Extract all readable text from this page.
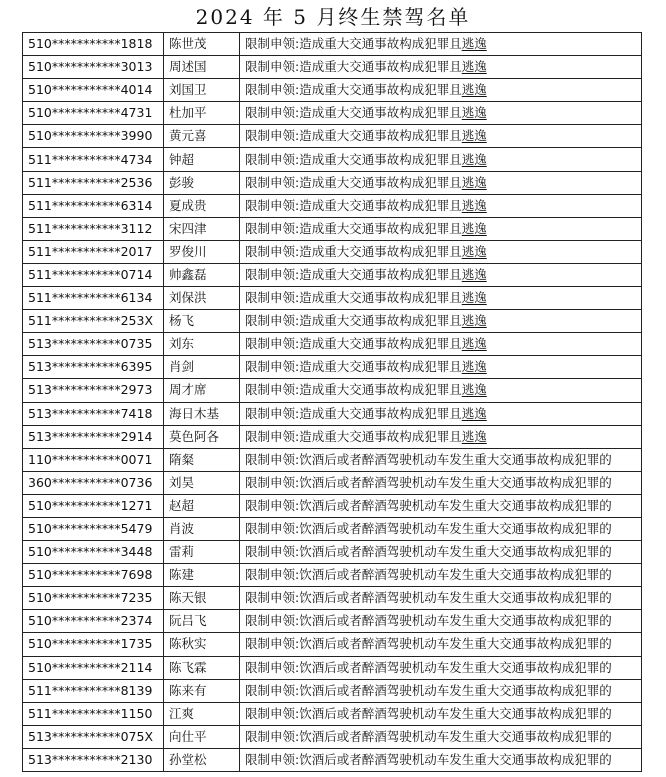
2024 年 5 月终生禁驾名单
510***********1818	陈世茂	限制申领:造成重大交通事故构成犯罪且逃逸
510***********3013	周述国	限制申领:造成重大交通事故构成犯罪且逃逸
510***********4014	刘国卫	限制申领:造成重大交通事故构成犯罪且逃逸
510***********4731	杜加平	限制申领:造成重大交通事故构成犯罪且逃逸
510***********3990	黄元喜	限制申领:造成重大交通事故构成犯罪且逃逸
511***********4734	钟超	限制申领:造成重大交通事故构成犯罪且逃逸
511***********2536	彭骏	限制申领:造成重大交通事故构成犯罪且逃逸
511***********6314	夏成贵	限制申领:造成重大交通事故构成犯罪且逃逸
511***********3112	宋四津	限制申领:造成重大交通事故构成犯罪且逃逸
511***********2017	罗俊川	限制申领:造成重大交通事故构成犯罪且逃逸
511***********0714	帅鑫磊	限制申领:造成重大交通事故构成犯罪且逃逸
511***********6134	刘保洪	限制申领:造成重大交通事故构成犯罪且逃逸
511***********253X	杨飞	限制申领:造成重大交通事故构成犯罪且逃逸
513***********0735	刘东	限制申领:造成重大交通事故构成犯罪且逃逸
513***********6395	肖剑	限制申领:造成重大交通事故构成犯罪且逃逸
513***********2973	周才席	限制申领:造成重大交通事故构成犯罪且逃逸
513***********7418	海日木基	限制申领:造成重大交通事故构成犯罪且逃逸
513***********2914	莫色阿各	限制申领:造成重大交通事故构成犯罪且逃逸
110***********0071	隋粲	限制申领:饮酒后或者醉酒驾驶机动车发生重大交通事故构成犯罪的
360***********0736	刘昊	限制申领:饮酒后或者醉酒驾驶机动车发生重大交通事故构成犯罪的
510***********1271	赵超	限制申领:饮酒后或者醉酒驾驶机动车发生重大交通事故构成犯罪的
510***********5479	肖波	限制申领:饮酒后或者醉酒驾驶机动车发生重大交通事故构成犯罪的
510***********3448	雷莉	限制申领:饮酒后或者醉酒驾驶机动车发生重大交通事故构成犯罪的
510***********7698	陈建	限制申领:饮酒后或者醉酒驾驶机动车发生重大交通事故构成犯罪的
510***********7235	陈天银	限制申领:饮酒后或者醉酒驾驶机动车发生重大交通事故构成犯罪的
510***********2374	阮吕飞	限制申领:饮酒后或者醉酒驾驶机动车发生重大交通事故构成犯罪的
510***********1735	陈秋实	限制申领:饮酒后或者醉酒驾驶机动车发生重大交通事故构成犯罪的
510***********2114	陈飞霖	限制申领:饮酒后或者醉酒驾驶机动车发生重大交通事故构成犯罪的
511***********8139	陈来有	限制申领:饮酒后或者醉酒驾驶机动车发生重大交通事故构成犯罪的
511***********1150	江爽	限制申领:饮酒后或者醉酒驾驶机动车发生重大交通事故构成犯罪的
513***********075X	向仕平	限制申领:饮酒后或者醉酒驾驶机动车发生重大交通事故构成犯罪的
513***********2130	孙堂松	限制申领:饮酒后或者醉酒驾驶机动车发生重大交通事故构成犯罪的
